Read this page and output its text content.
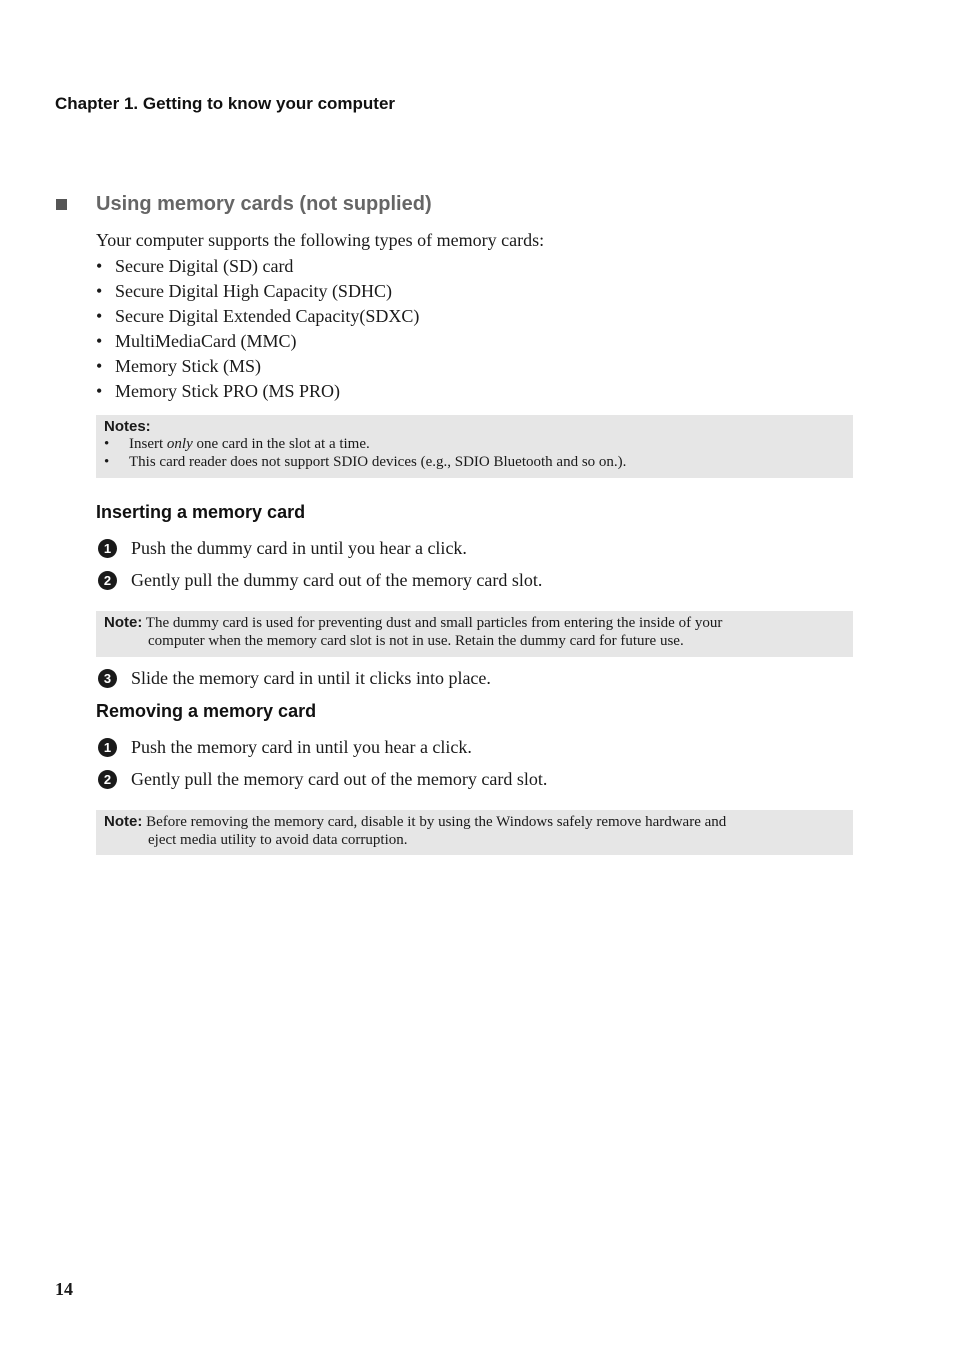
Chapter 1. Getting to know your computer
Using memory cards (not supplied)
Your computer supports the following types of memory cards:
• Secure Digital (SD) card
• Secure Digital High Capacity (SDHC)
• Secure Digital Extended Capacity(SDXC)
• MultiMediaCard (MMC)
• Memory Stick (MS)
• Memory Stick PRO (MS PRO)
Notes:
• Insert only one card in the slot at a time.
• This card reader does not support SDIO devices (e.g., SDIO Bluetooth and so on.).
Inserting a memory card
1	Push the dummy card in until you hear a click.
2	Gently pull the dummy card out of the memory card slot.
Note: The dummy card is used for preventing dust and small particles from entering the inside of your
computer when the memory card slot is not in use. Retain the dummy card for future use.
3	Slide the memory card in until it clicks into place.
Removing a memory card
1	Push the memory card in until you hear a click.
2	Gently pull the memory card out of the memory card slot.
Note: Before removing the memory card, disable it by using the Windows safely remove hardware and
eject media utility to avoid data corruption.
14
